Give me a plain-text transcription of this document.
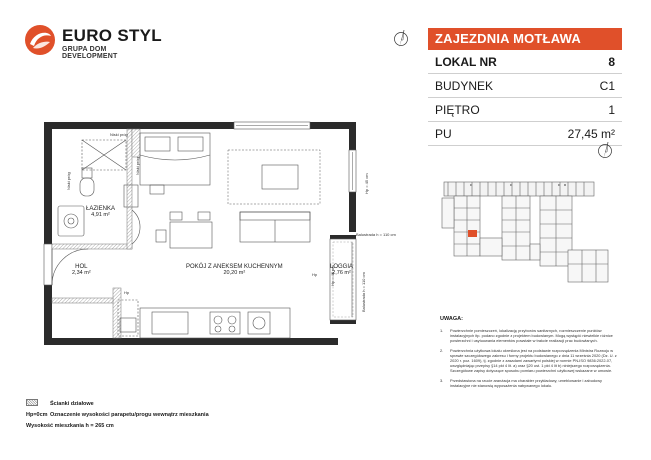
EURO STYL
GRUPA DOM DEVELOPMENT
ZAJEZDNIA MOTŁAWA
LOKAL NR	8
BUDYNEK	C1
PIĘTRO	1
PU	27,45 m²
UWAGA:
1.	Powierzchnie pomieszczeń, lokalizację przyborów sanitarnych, rozmieszczenie punktów instalacyjnych itp. podano zgodnie z projektem budowlanym. Mogą wystąpić niewielkie różnice powierzchni i usytuowania elementów powstałe w trakcie realizacji prac budowlanych.
2.	Powierzchnia użytkowa lokalu określona jest na podstawie rozporządzenia Ministra Rozwoju w sprawie szczegółowego zakresu i formy projektu budowlanego z dnia 11 września 2020 (Dz. U. z 2020 r. poz. 1609), tj. zgodnie z zasadami zawartymi polskiej w normie PN-ISO 9836:2022-07, uwzględniając przepisy §14 pkt 4 lit. a) oraz §20 ust. 1 pkt 4 lit b) niniejszego rozporządzenia. Szczegółowe zapisy dotyczące sposobu pomiaru powierzchni użytkowej wskazane w umowie.
3.	Przedstawiona na rzucie aranżacja ma charakter przykładowy, umeblowanie i zabudowy instalacyjne nie stanowią wyposażenia nabywanego lokalu.
Ścianki działowe
Hp=0cm Oznaczenie wysokości parapetu/progu wewnątrz mieszkania
Wysokość mieszkania h = 265 cm
ŁAZIENKA
4,91 m²
HOL
2,34 m²
POKÓJ Z ANEKSEM KUCHENNYM
20,20 m²
LOGGIA
2,76 m²
Niski próg
Niski próg
Niski próg
Hp = 45 cm
Hp = 45 cm
Balustrada h = 110 cm
Balustrada h = 110 cm
Hp
Hp
